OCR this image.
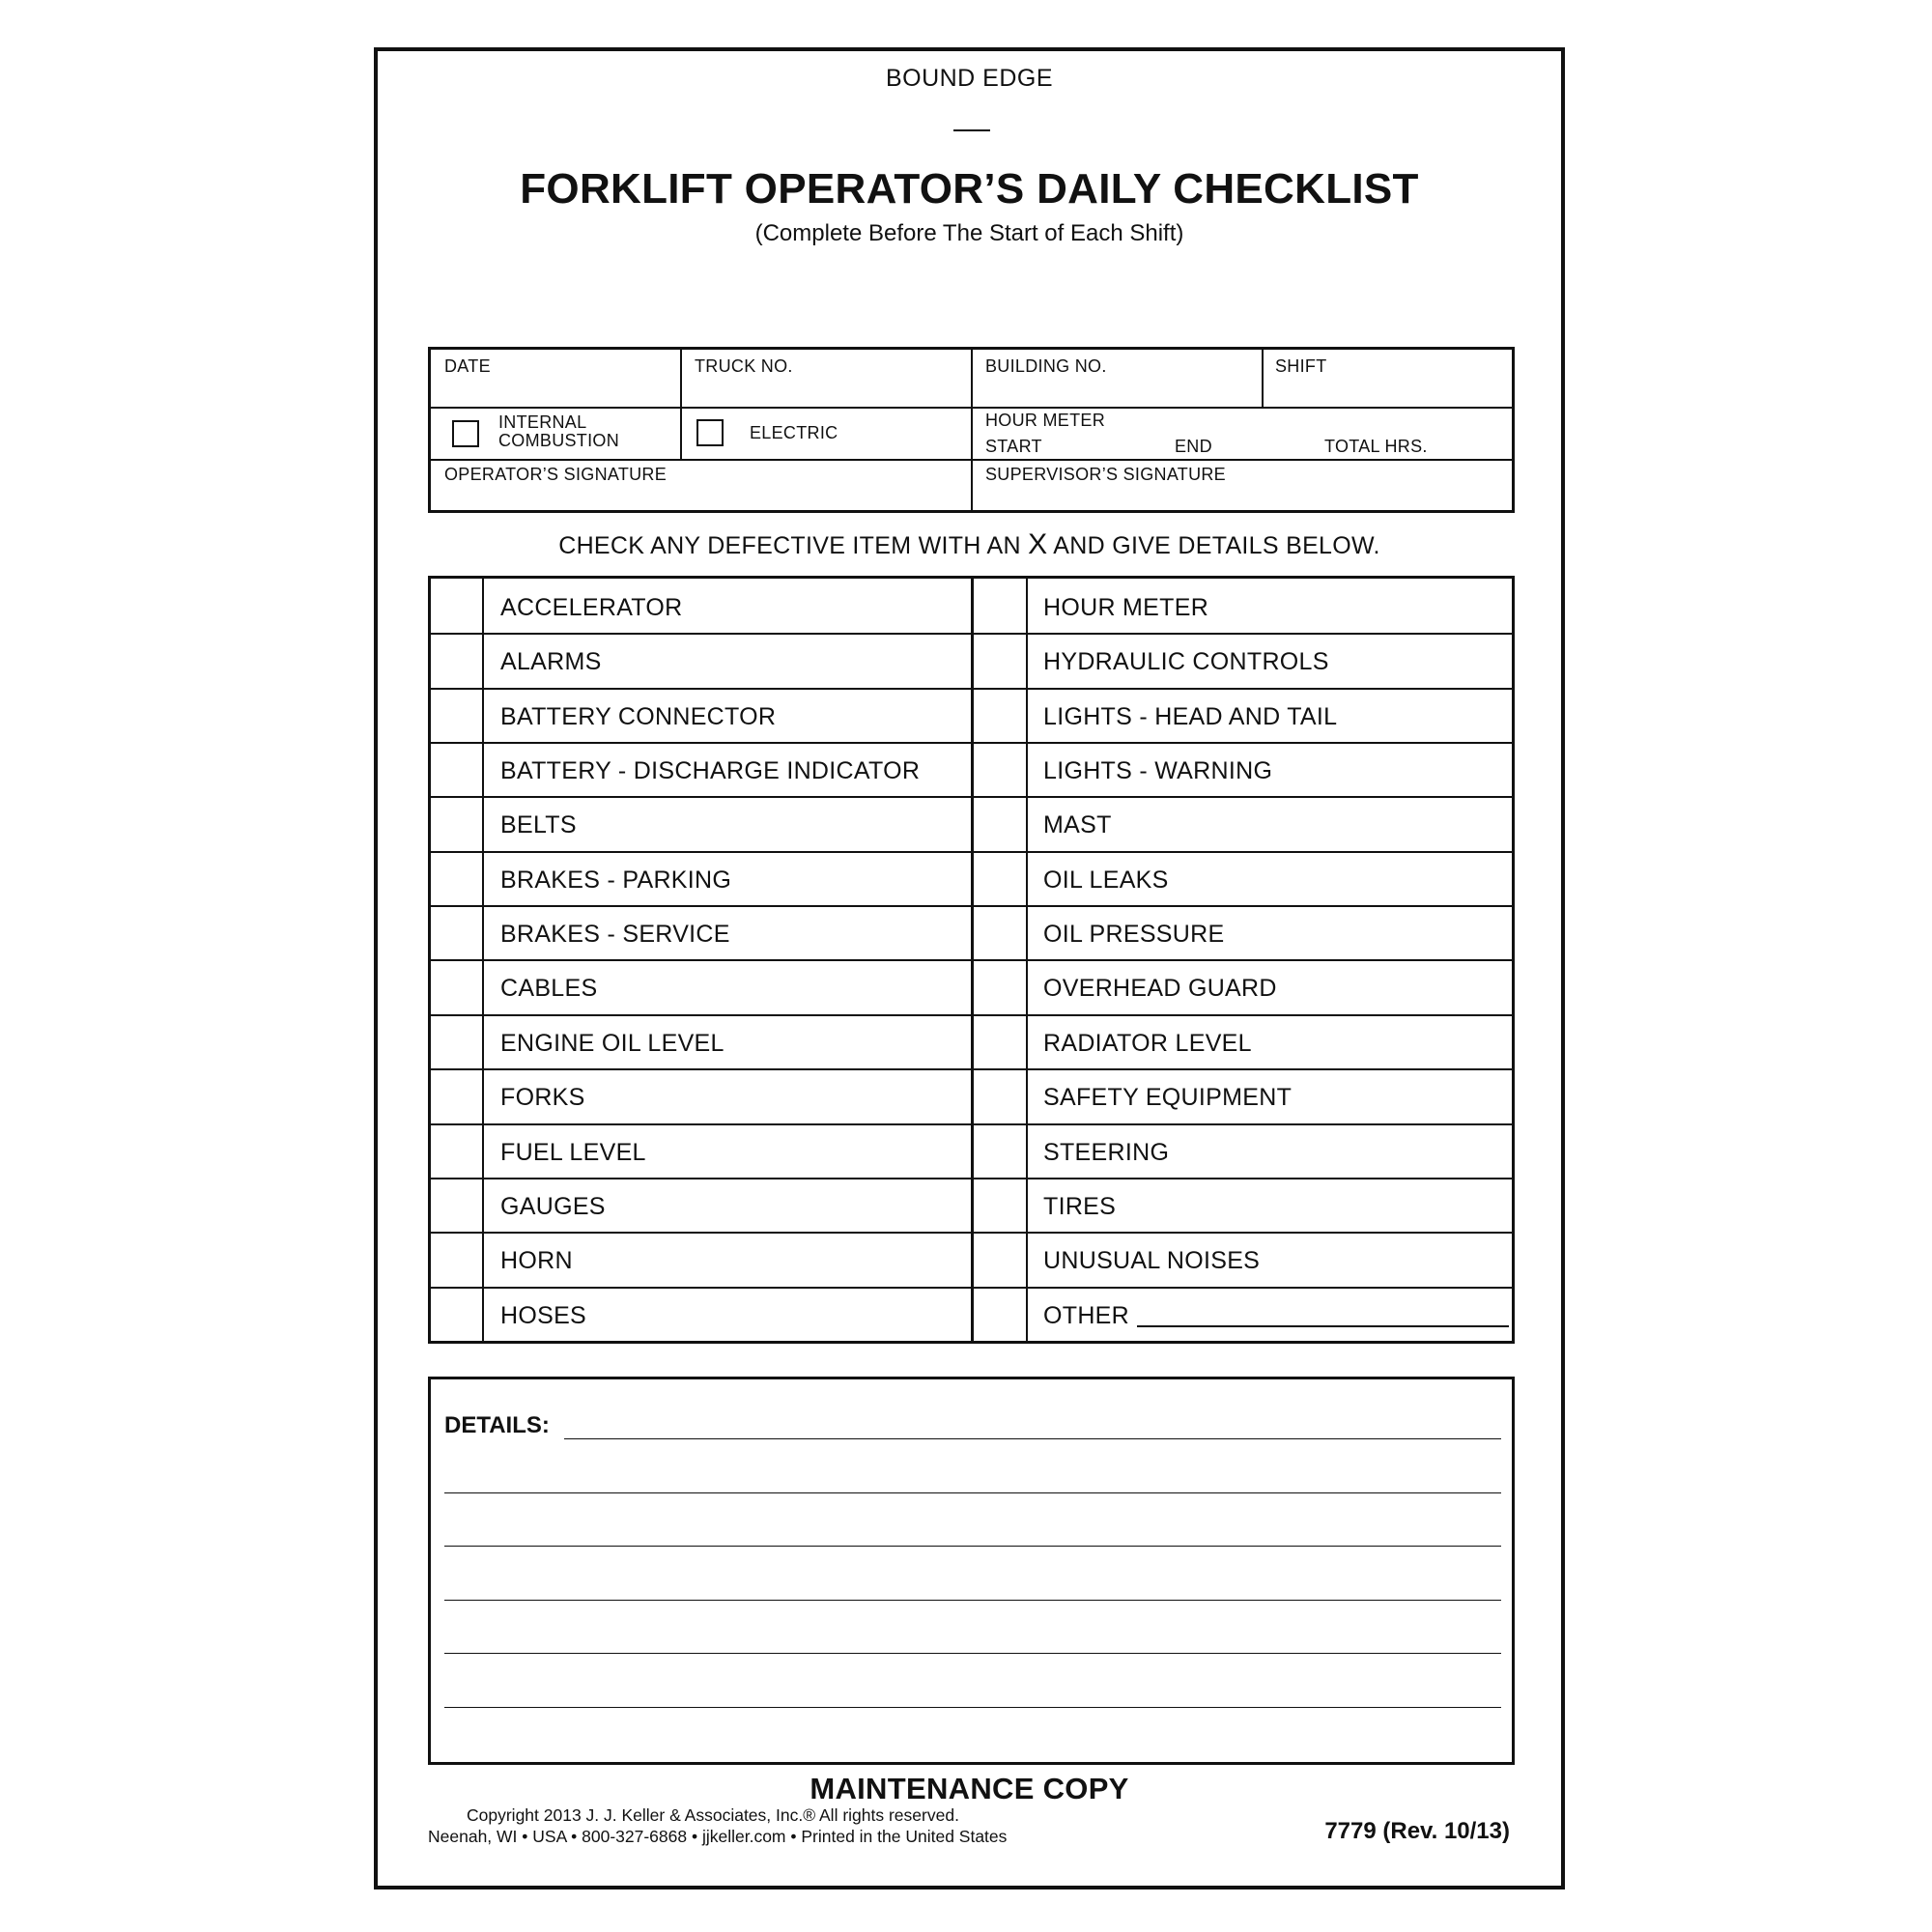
BOUND EDGE
FORKLIFT OPERATOR’S DAILY CHECKLIST
(Complete Before The Start of Each Shift)
DATE	TRUCK NO.	BUILDING NO.	SHIFT
INTERNAL
COMBUSTION	ELECTRIC
HOUR METER
START	END	TOTAL HRS.
OPERATOR’S SIGNATURE	SUPERVISOR’S SIGNATURE
CHECK ANY DEFECTIVE ITEM WITH AN X AND GIVE DETAILS BELOW.
ACCELERATOR	HOUR METER
ALARMS	HYDRAULIC CONTROLS
BATTERY CONNECTOR	LIGHTS - HEAD AND TAIL
BATTERY - DISCHARGE INDICATOR	LIGHTS - WARNING
BELTS	MAST
BRAKES - PARKING	OIL LEAKS
BRAKES - SERVICE	OIL PRESSURE
CABLES	OVERHEAD GUARD
ENGINE OIL LEVEL	RADIATOR LEVEL
FORKS	SAFETY EQUIPMENT
FUEL LEVEL	STEERING
GAUGES	TIRES
HORN	UNUSUAL NOISES
HOSES	OTHER
DETAILS:
MAINTENANCE COPY
Copyright 2013 J. J. Keller & Associates, Inc.® All rights reserved.
Neenah, WI • USA • 800-327-6868 • jjkeller.com • Printed in the United States	7779 (Rev. 10/13)
